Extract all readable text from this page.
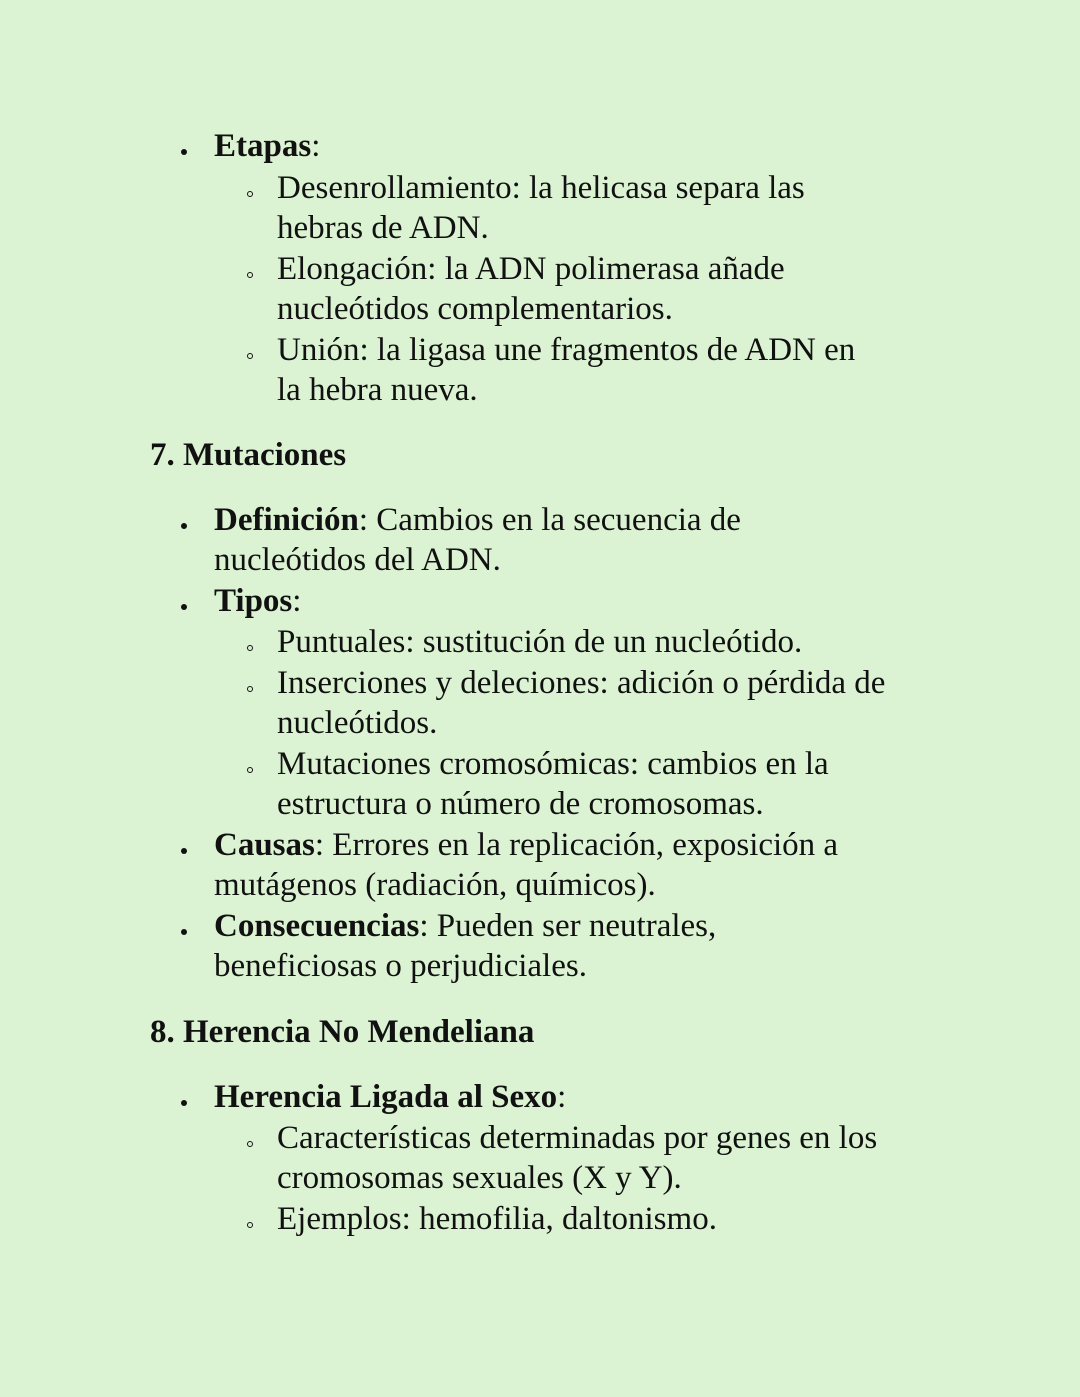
Etapas:
Desenrollamiento: la helicasa separa las
hebras de ADN.
Elongación: la ADN polimerasa añade
nucleótidos complementarios.
Unión: la ligasa une fragmentos de ADN en
la hebra nueva.
7. Mutaciones
Definición: Cambios en la secuencia de
nucleótidos del ADN.
Tipos:
Puntuales: sustitución de un nucleótido.
Inserciones y deleciones: adición o pérdida de
nucleótidos.
Mutaciones cromosómicas: cambios en la
estructura o número de cromosomas.
Causas: Errores en la replicación, exposición a
mutágenos (radiación, químicos).
Consecuencias: Pueden ser neutrales,
beneficiosas o perjudiciales.
8. Herencia No Mendeliana
Herencia Ligada al Sexo:
Características determinadas por genes en los
cromosomas sexuales (X y Y).
Ejemplos: hemofilia, daltonismo.
